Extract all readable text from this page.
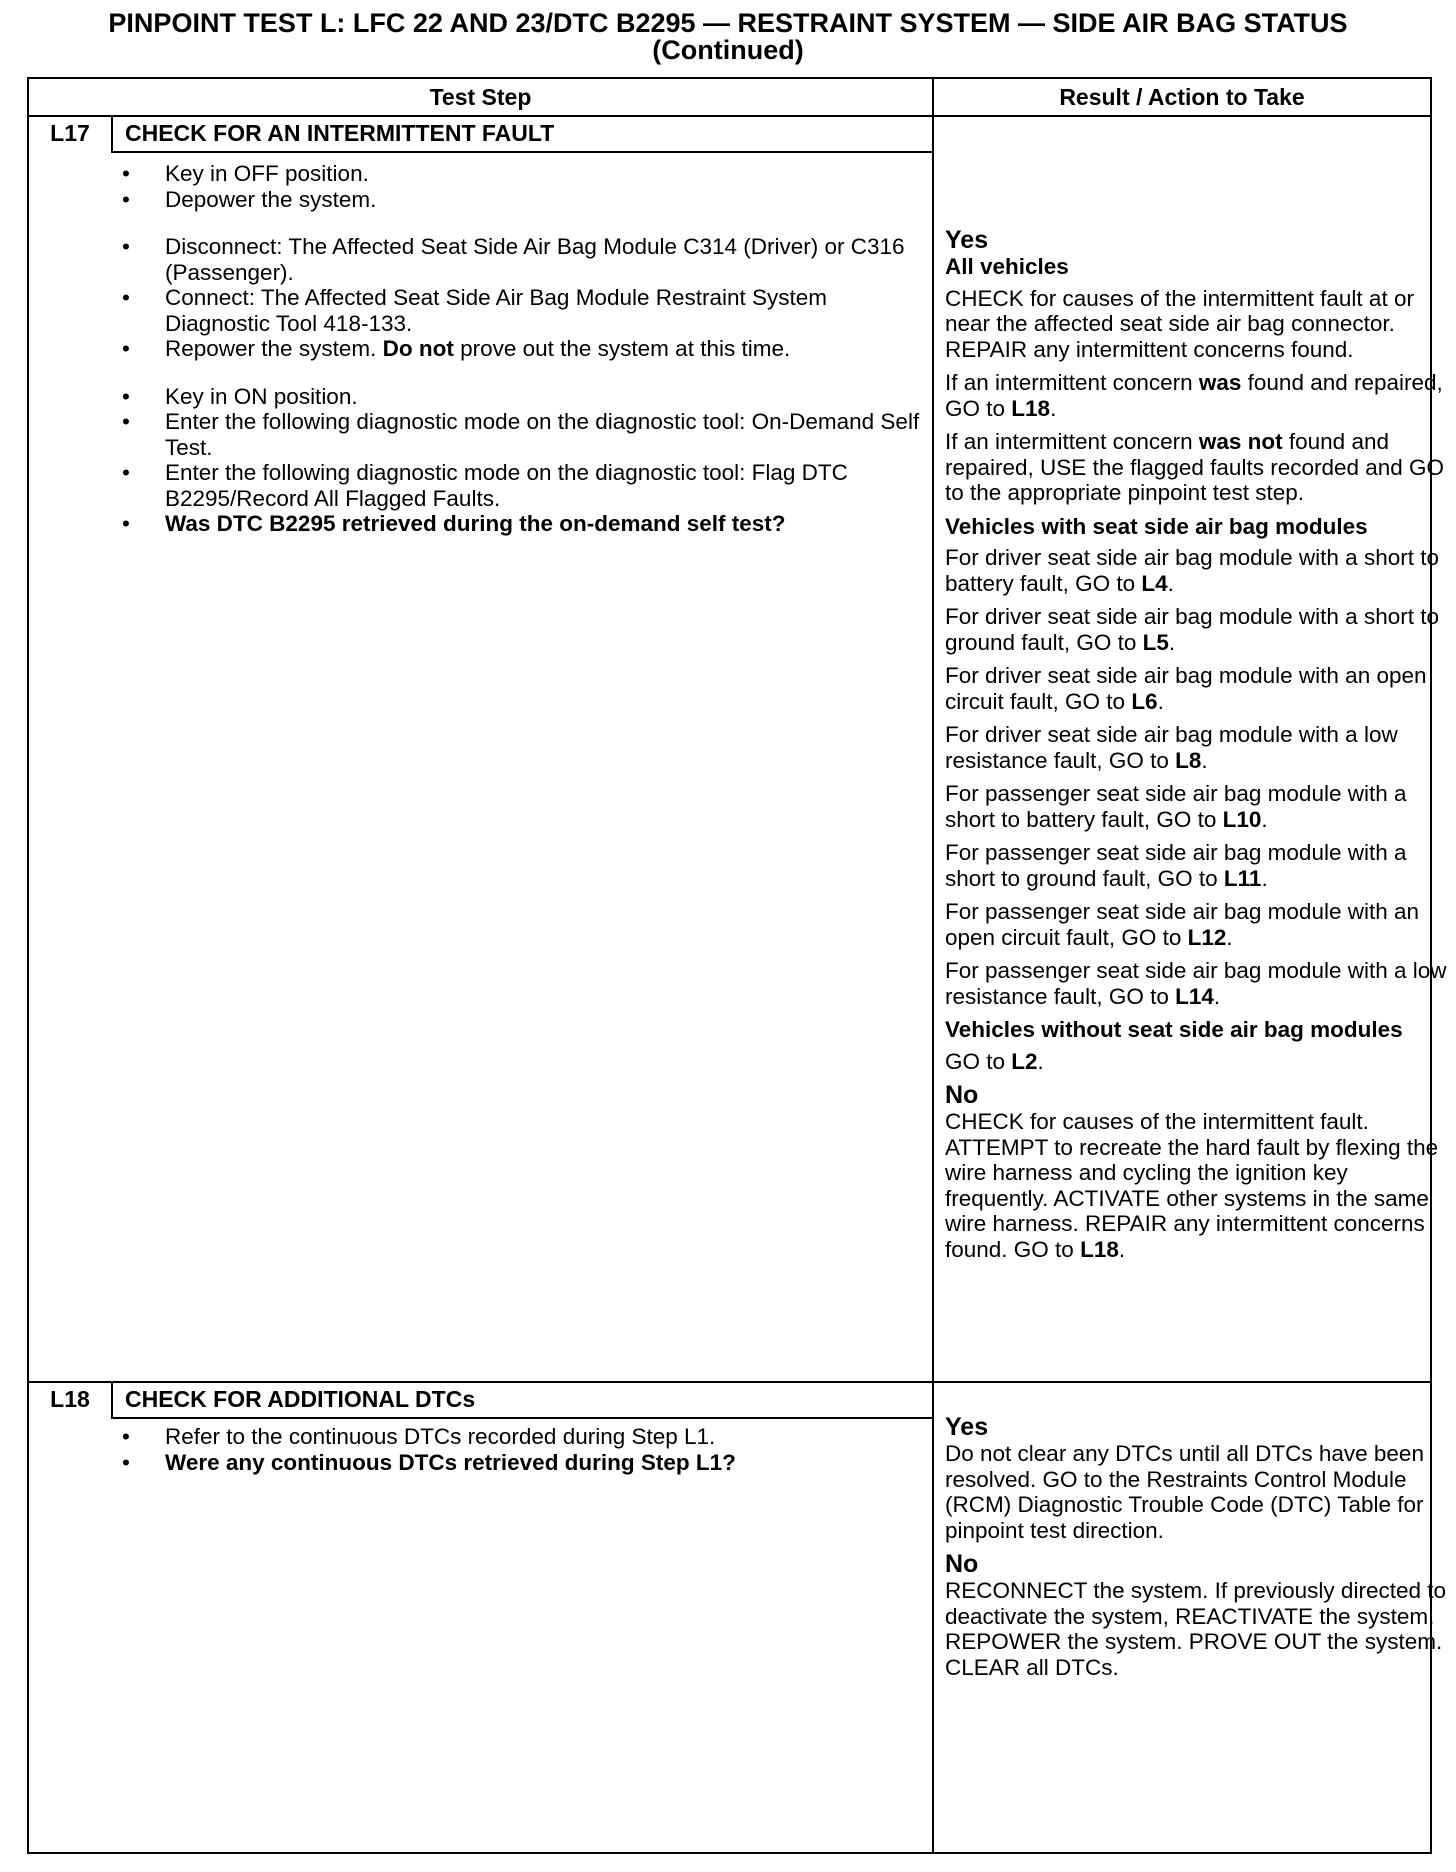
PINPOINT TEST L: LFC 22 AND 23/DTC B2295 — RESTRAINT SYSTEM — SIDE AIR BAG STATUS
(Continued)
Test Step	Result / Action to Take
L17	CHECK FOR AN INTERMITTENT FAULT
• Key in OFF position.
• Depower the system.
• Disconnect: The Affected Seat Side Air Bag Module C314 (Driver) or C316 (Passenger).
• Connect: The Affected Seat Side Air Bag Module Restraint System Diagnostic Tool 418-133.
• Repower the system. Do not prove out the system at this time.
• Key in ON position.
• Enter the following diagnostic mode on the diagnostic tool: On-Demand Self Test.
• Enter the following diagnostic mode on the diagnostic tool: Flag DTC B2295/Record All Flagged Faults.
• Was DTC B2295 retrieved during the on-demand self test?
Yes
All vehicles
CHECK for causes of the intermittent fault at or near the affected seat side air bag connector. REPAIR any intermittent concerns found.
If an intermittent concern was found and repaired, GO to L18.
If an intermittent concern was not found and repaired, USE the flagged faults recorded and GO to the appropriate pinpoint test step.
Vehicles with seat side air bag modules
For driver seat side air bag module with a short to battery fault, GO to L4.
For driver seat side air bag module with a short to ground fault, GO to L5.
For driver seat side air bag module with an open circuit fault, GO to L6.
For driver seat side air bag module with a low resistance fault, GO to L8.
For passenger seat side air bag module with a short to battery fault, GO to L10.
For passenger seat side air bag module with a short to ground fault, GO to L11.
For passenger seat side air bag module with an open circuit fault, GO to L12.
For passenger seat side air bag module with a low resistance fault, GO to L14.
Vehicles without seat side air bag modules
GO to L2.
No
CHECK for causes of the intermittent fault. ATTEMPT to recreate the hard fault by flexing the wire harness and cycling the ignition key frequently. ACTIVATE other systems in the same wire harness. REPAIR any intermittent concerns found. GO to L18.
L18	CHECK FOR ADDITIONAL DTCs
• Refer to the continuous DTCs recorded during Step L1.
• Were any continuous DTCs retrieved during Step L1?
Yes
Do not clear any DTCs until all DTCs have been resolved. GO to the Restraints Control Module (RCM) Diagnostic Trouble Code (DTC) Table for pinpoint test direction.
No
RECONNECT the system. If previously directed to deactivate the system, REACTIVATE the system. REPOWER the system. PROVE OUT the system. CLEAR all DTCs.
